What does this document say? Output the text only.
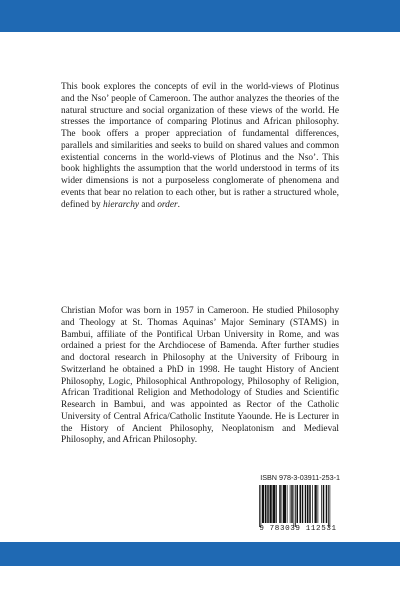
This book explores the concepts of evil in the world-views of Plotinus and the Nso’ people of Cameroon. The author analyzes the theories of the natural structure and social organization of these views of the world. He stresses the importance of comparing Plotinus and African philosophy. The book offers a proper appreciation of fundamental differences, parallels and similarities and seeks to build on shared values and common existential concerns in the world-views of Plotinus and the Nso’. This book highlights the assumption that the world understood in terms of its wider dimensions is not a purposeless conglomerate of phenomena and events that bear no relation to each other, but is rather a structured whole, defined by hierarchy and order.

Christian Mofor was born in 1957 in Cameroon. He studied Philosophy and Theology at St. Thomas Aquinas’ Major Seminary (STAMS) in Bambui, affiliate of the Pontifical Urban University in Rome, and was ordained a priest for the Archdiocese of Bamenda. After further studies and doctoral research in Philosophy at the University of Fribourg in Switzerland he obtained a PhD in 1998. He taught History of Ancient Philosophy, Logic, Philosophical Anthropology, Philosophy of Religion, African Traditional Religion and Methodology of Studies and Scientific Research in Bambui, and was appointed as Rector of the Catholic University of Central Africa/Catholic Institute Yaounde. He is Lecturer in the History of Ancient Philosophy, Neoplatonism and Medieval Philosophy, and African Philosophy.

ISBN 978-3-03911-253-1
9 783039 112531
